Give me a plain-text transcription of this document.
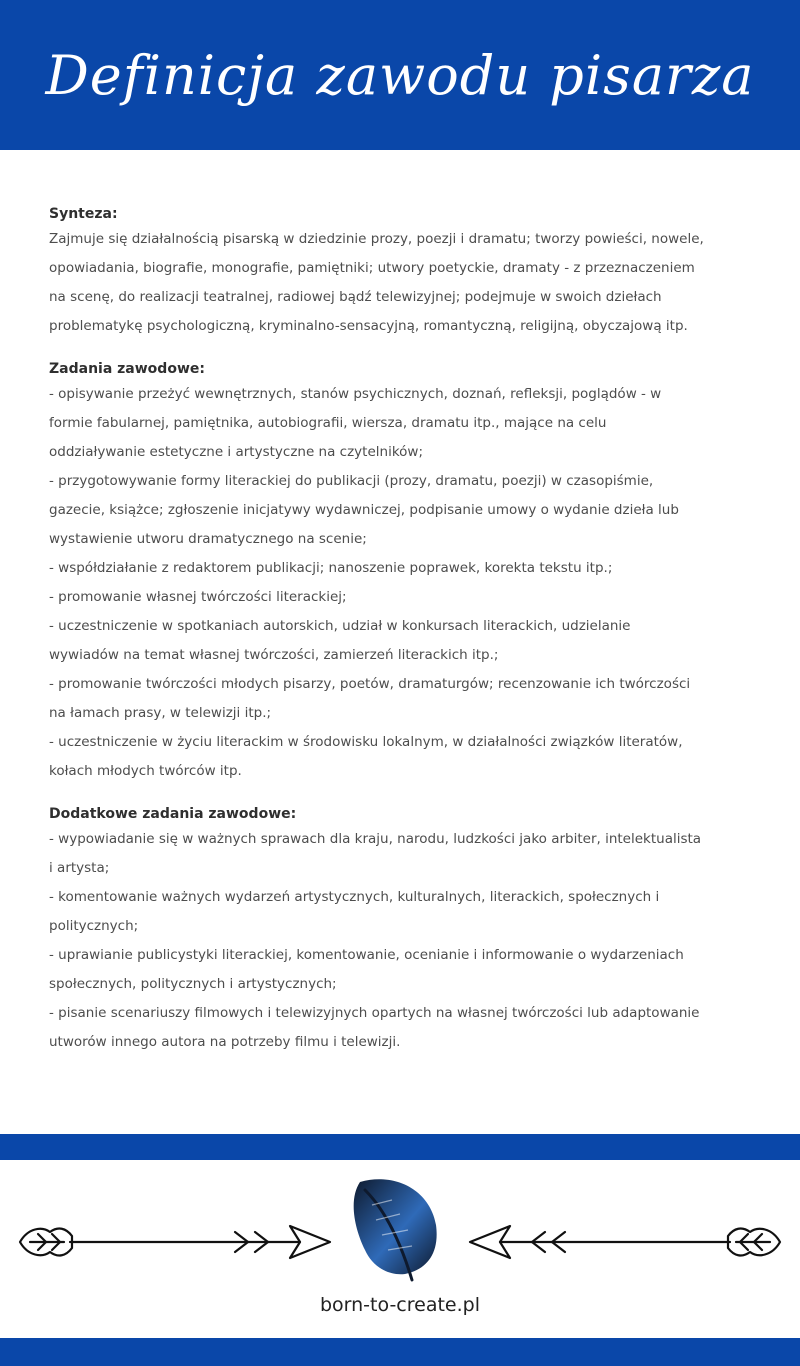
Definicja zawodu pisarza
Synteza:
Zajmuje się działalnością pisarską w dziedzinie prozy, poezji i dramatu; tworzy powieści, nowele,
opowiadania, biografie, monografie, pamiętniki; utwory poetyckie, dramaty - z przeznaczeniem
na scenę, do realizacji teatralnej, radiowej bądź telewizyjnej; podejmuje w swoich dziełach
problematykę psychologiczną, kryminalno-sensacyjną, romantyczną, religijną, obyczajową itp.
Zadania zawodowe:
- opisywanie przeżyć wewnętrznych, stanów psychicznych, doznań, refleksji, poglądów - w
formie fabularnej, pamiętnika, autobiografii, wiersza, dramatu itp., mające na celu
oddziaływanie estetyczne i artystyczne na czytelników;
- przygotowywanie formy literackiej do publikacji (prozy, dramatu, poezji) w czasopiśmie,
gazecie, książce; zgłoszenie inicjatywy wydawniczej, podpisanie umowy o wydanie dzieła lub
wystawienie utworu dramatycznego na scenie;
- współdziałanie z redaktorem publikacji; nanoszenie poprawek, korekta tekstu itp.;
- promowanie własnej twórczości literackiej;
- uczestniczenie w spotkaniach autorskich, udział w konkursach literackich, udzielanie
wywiadów na temat własnej twórczości, zamierzeń literackich itp.;
- promowanie twórczości młodych pisarzy, poetów, dramaturgów; recenzowanie ich twórczości
na łamach prasy, w telewizji itp.;
- uczestniczenie w życiu literackim w środowisku lokalnym, w działalności związków literatów,
kołach młodych twórców itp.
Dodatkowe zadania zawodowe:
- wypowiadanie się w ważnych sprawach dla kraju, narodu, ludzkości jako arbiter, intelektualista
i artysta;
- komentowanie ważnych wydarzeń artystycznych, kulturalnych, literackich, społecznych i
politycznych;
- uprawianie publicystyki literackiej, komentowanie, ocenianie i informowanie o wydarzeniach
społecznych, politycznych i artystycznych;
- pisanie scenariuszy filmowych i telewizyjnych opartych na własnej twórczości lub adaptowanie
utworów innego autora na potrzeby filmu i telewizji.
born-to-create.pl
